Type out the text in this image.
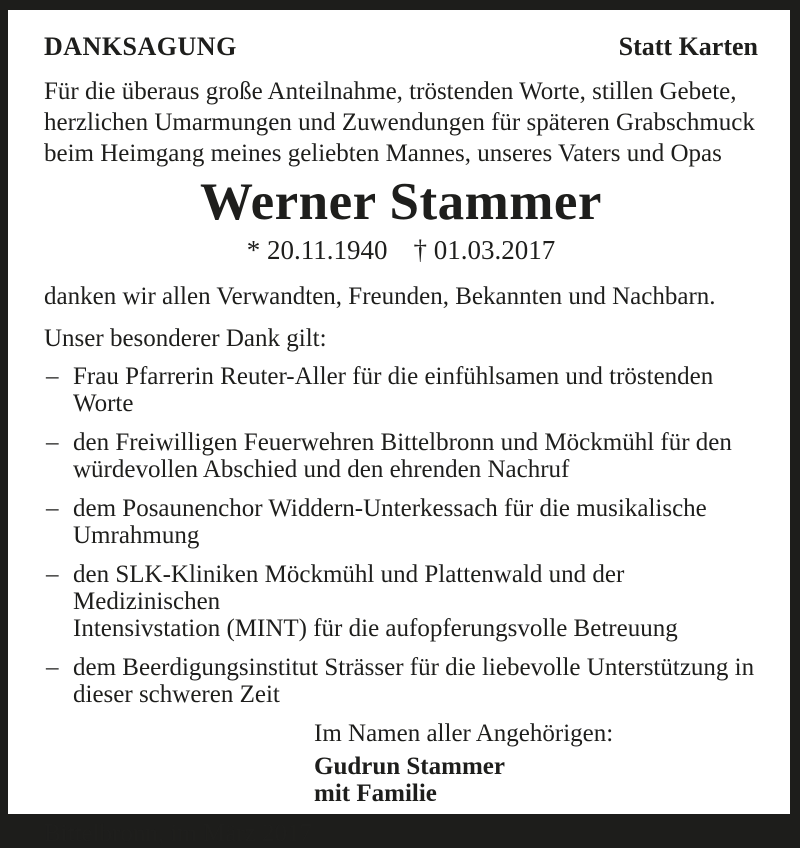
DANKSAGUNG	Statt Karten
Für die überaus große Anteilnahme, tröstenden Worte, stillen Gebete,
herzlichen Umarmungen und Zuwendungen für späteren Grabschmuck
beim Heimgang meines geliebten Mannes, unseres Vaters und Opas
Werner Stammer
* 20.11.1940 † 01.03.2017
danken wir allen Verwandten, Freunden, Bekannten und Nachbarn.
Unser besonderer Dank gilt:
– Frau Pfarrerin Reuter-Aller für die einfühlsamen und tröstenden Worte
– den Freiwilligen Feuerwehren Bittelbronn und Möckmühl für den
würdevollen Abschied und den ehrenden Nachruf
– dem Posaunenchor Widdern-Unterkessach für die musikalische
Umrahmung
– den SLK-Kliniken Möckmühl und Plattenwald und der Medizinischen
Intensivstation (MINT) für die aufopferungsvolle Betreuung
– dem Beerdigungsinstitut Strässer für die liebevolle Unterstützung in
dieser schweren Zeit
Im Namen aller Angehörigen:
Gudrun Stammer
mit Familie
Bittelbronn, im März 2017
